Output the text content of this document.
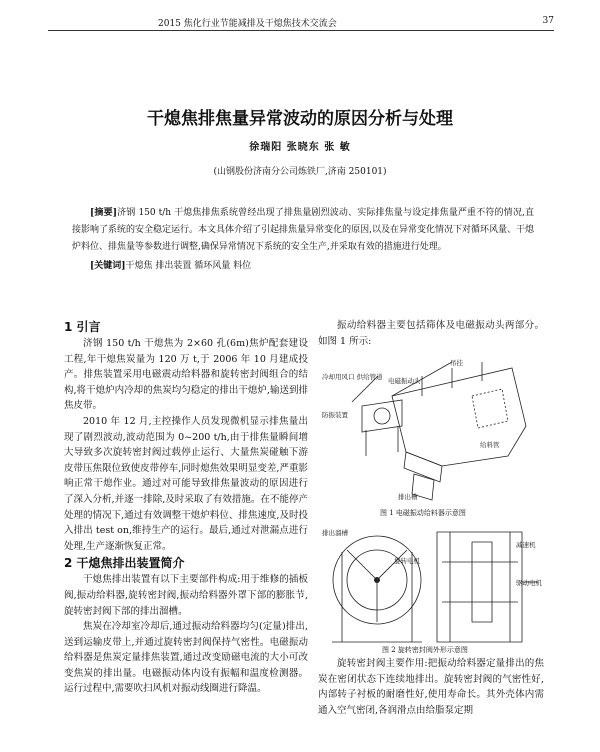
2015 焦化行业节能减排及干熄焦技术交流会	37
干熄焦排焦量异常波动的原因分析与处理
徐瑞阳 张晓东 张 敏
(山钢股份济南分公司炼铁厂,济南 250101)
[摘要]济钢 150 t/h 干熄焦排焦系统曾经出现了排焦量剧烈波动、实际排焦量与设定排焦量严重不符的情况,直接影响了系统的安全稳定运行。本文具体介绍了引起排焦量异常变化的原因,以及在异常变化情况下对循环风量、干熄炉料位、排焦量等参数进行调整,确保异常情况下系统的安全生产,并采取有效的措施进行处理。
[关键词]干熄焦 排出装置 循环风量 料位
1 引言

济钢 150 t/h 干熄焦为 2×60 孔(6m)焦炉配套建设工程,年干熄焦炭量为 120 万 t,于 2006 年 10 月建成投产。排焦装置采用电磁震动给料器和旋转密封阀组合的结构,将干熄炉内冷却的焦炭均匀稳定的排出干熄炉,输送到排焦皮带。

2010 年 12 月,主控操作人员发现微机显示排焦量出现了剧烈波动,波动范围为 0~200 t/h,由于排焦量瞬间增大导致多次旋转密封阀过载停止运行、大量焦炭碰触下游皮带压焦限位致使皮带停车,同时熄焦效果明显变差,严重影响正常干熄作业。通过对可能导致排焦量波动的原因进行了深入分析,并逐一排除,及时采取了有效措施。在不能停产处理的情况下,通过有效调整干熄炉料位、排焦速度,及时投入排出 test on,维持生产的运行。最后,通过对泄漏点进行处理,生产逐渐恢复正常。

2 干熄焦排出装置简介

干熄焦排出装置有以下主要部件构成:用于维修的插板阀,振动给料器,旋转密封阀,振动给料器外罩下部的膨胀节,旋转密封阀下部的排出溜槽。

焦炭在冷却室冷却后,通过振动给料器均匀(定量)排出,送到运输皮带上,并通过旋转密封阀保持气密性。电磁振动给料器是焦炭定量排焦装置,通过改变励磁电流的大小可改变焦炭的排出量。电磁振动体内设有振幅和温度检测器。运行过程中,需要吹扫风机对振动线圈进行降温。

振动给料器主要包括筛体及电磁振动头两部分。如图 1 所示:

吊挂
冷却用风口 供给管道 电磁振动头
防振装置
给料管
排出槽
图 1 电磁振动给料器示意图
排出溜槽
旋转电机
减速机
驱动电机
图 2 旋转密封阀外形示意图

旋转密封阀主要作用:把振动给料器定量排出的焦炭在密闭状态下连续地排出。旋转密封阀的气密性好,内部转子衬板的耐磨性好,使用寿命长。其外壳体内需通入空气密闭,各润滑点由给脂泵定期
